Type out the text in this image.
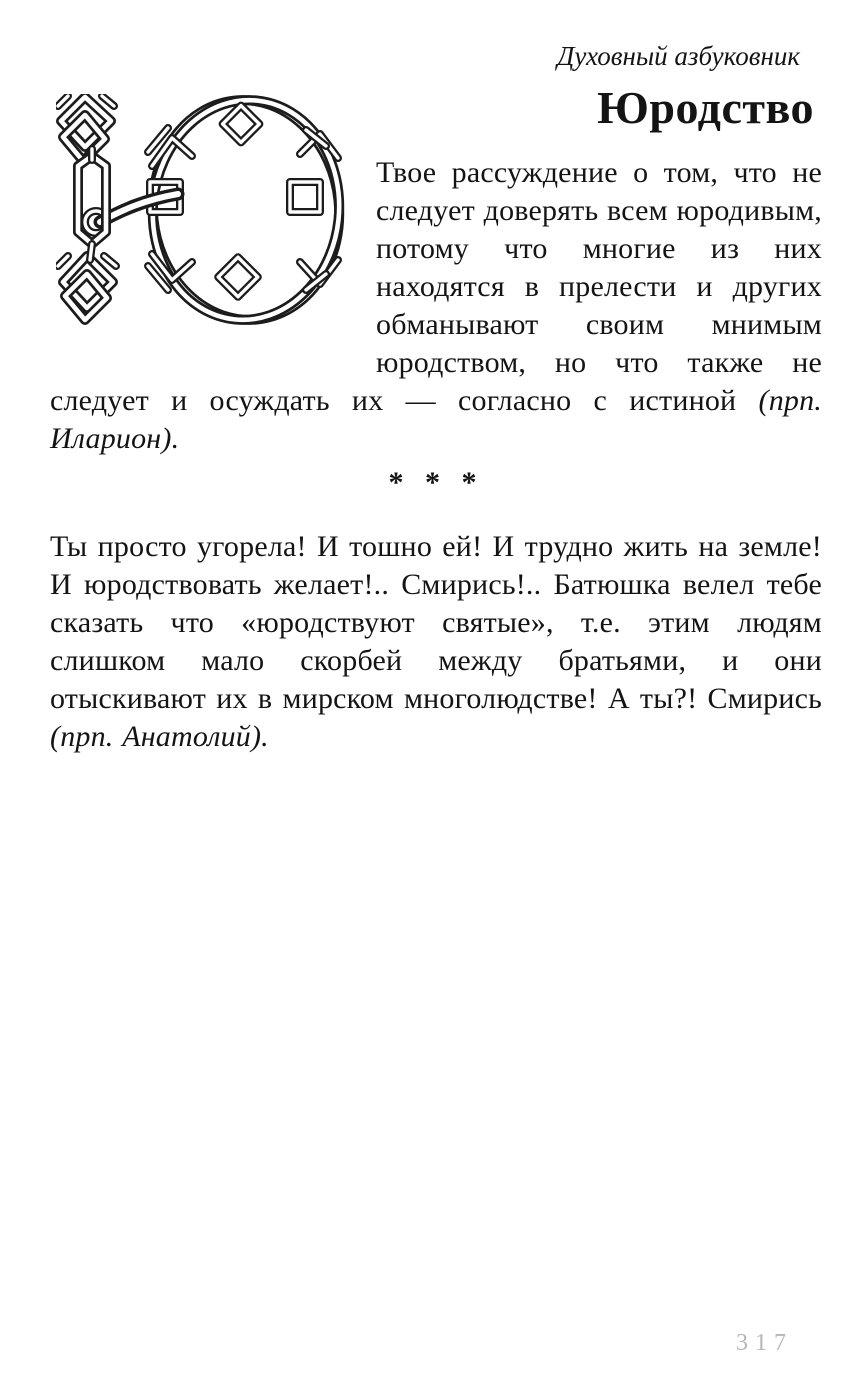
Духовный азбуковник
Юродство
Твое рассуждение о том, что не следует доверять всем юродивым, потому что многие из них находятся в прелести и других обманывают своим мнимым юродством, но что также не следует и осуждать их — согласно с истиной (прп. Иларион).
* * *
Ты просто угорела! И тошно ей! И трудно жить на земле! И юродствовать желает!.. Смирись!.. Батюшка велел тебе сказать что «юродствуют святые», т.е. этим людям слишком мало скорбей между братьями, и они отыскивают их в мирском многолюдстве! А ты?! Смирись (прп. Анатолий).
317
